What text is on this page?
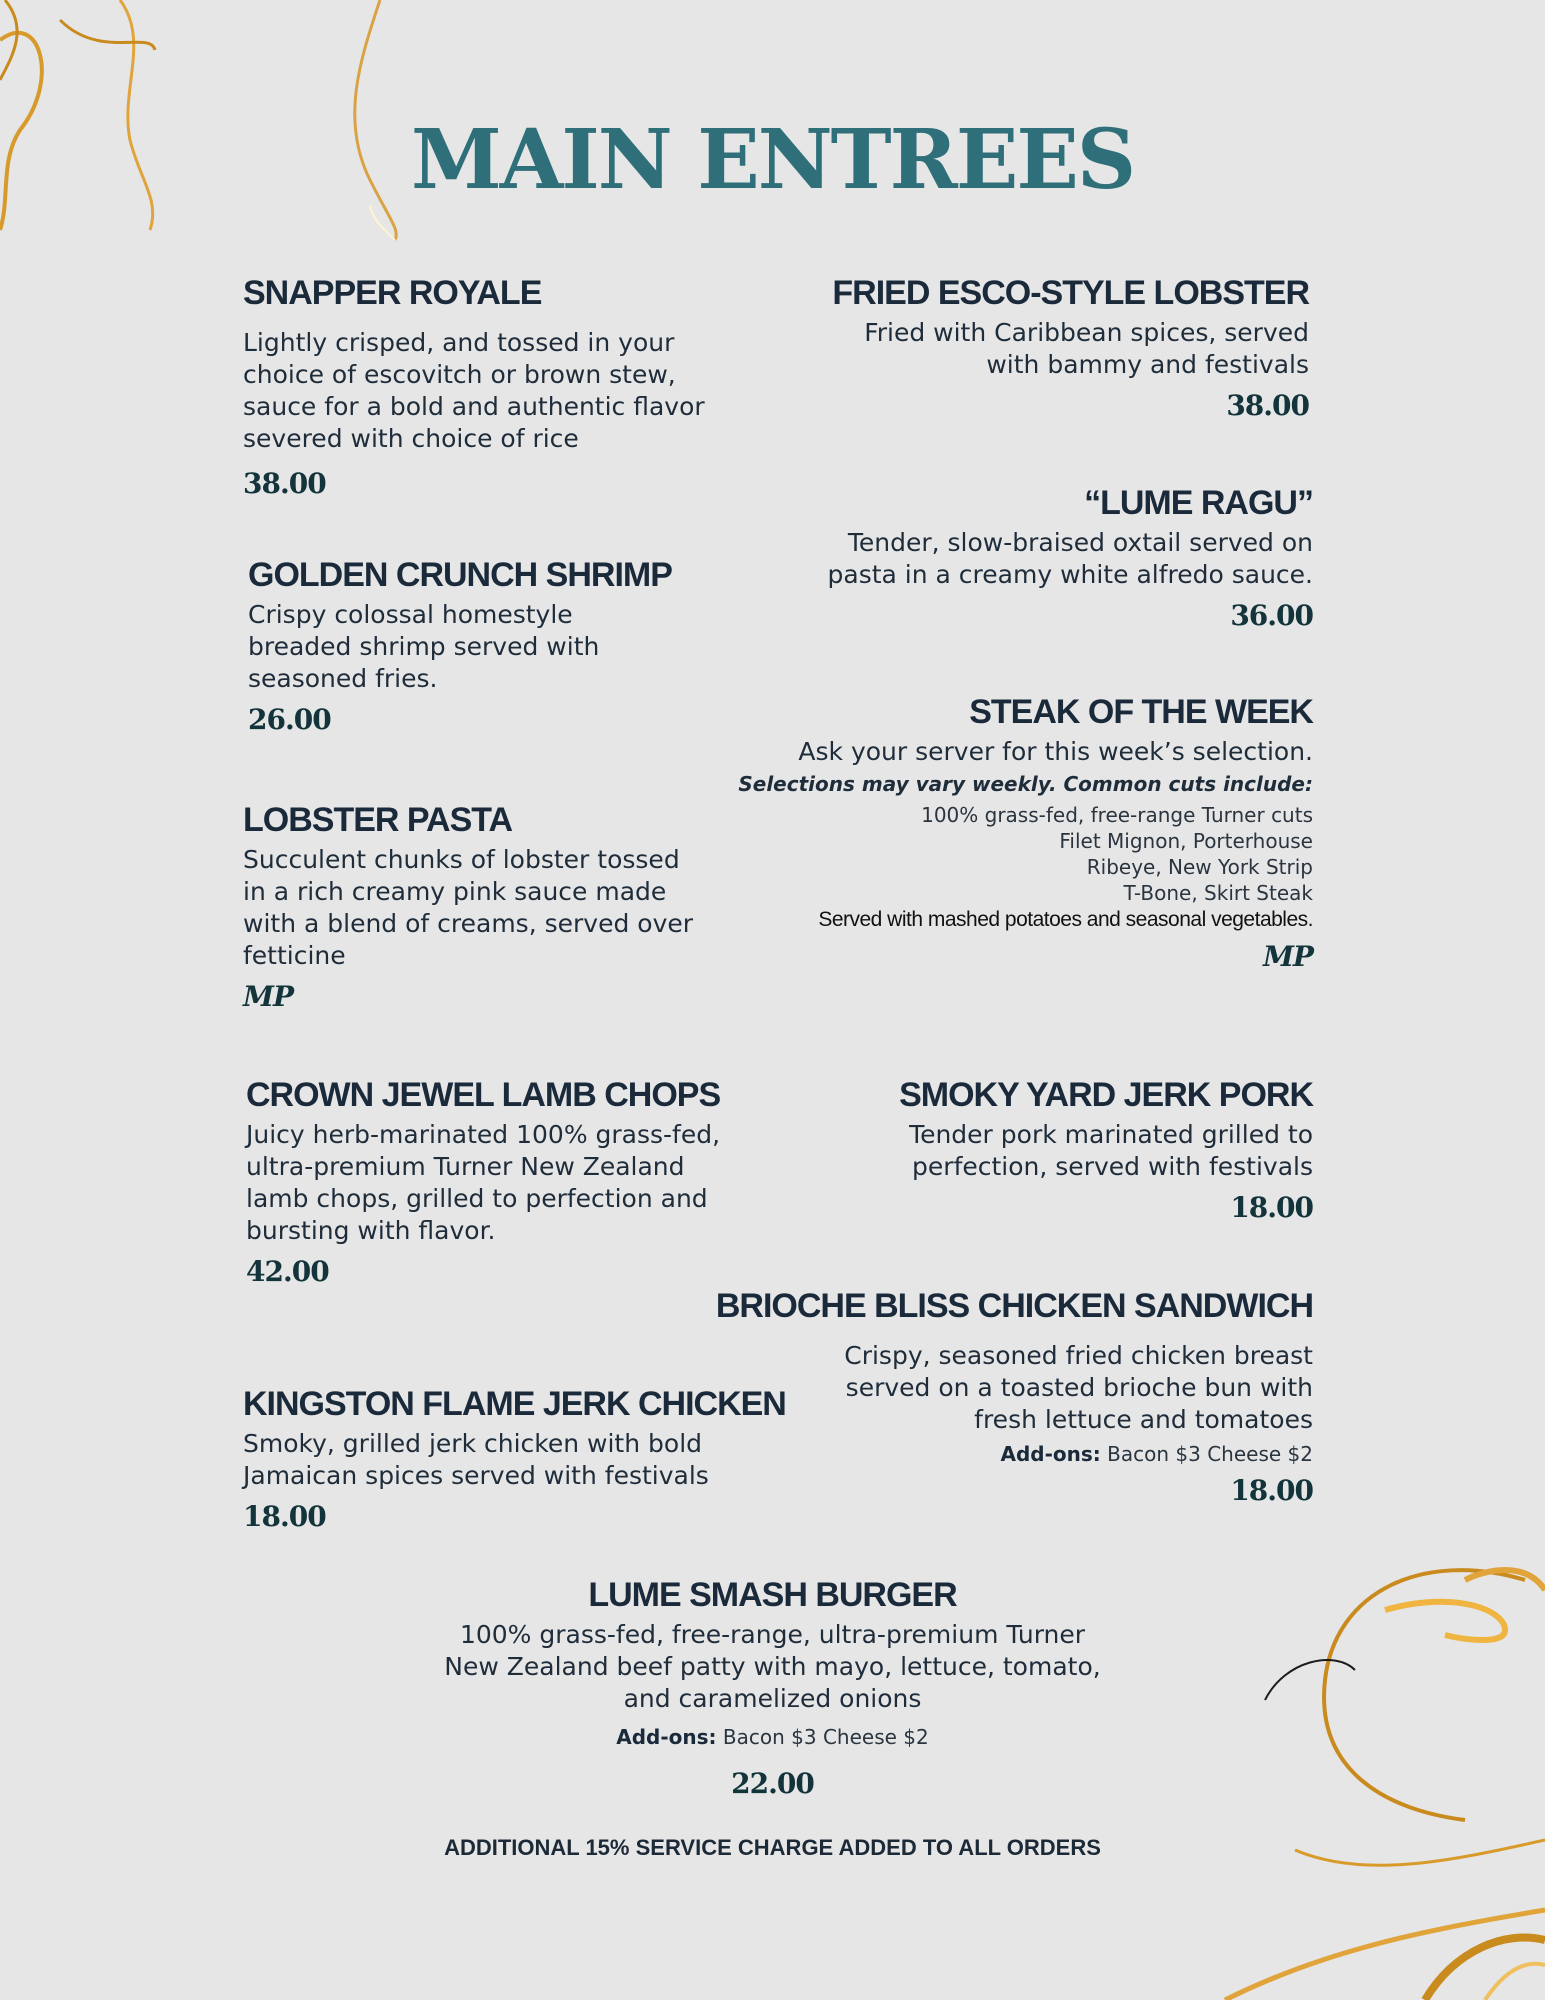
MAIN ENTREES
SNAPPER ROYALE
Lightly crisped, and tossed in your
choice of escovitch or brown stew,
sauce for a bold and authentic flavor
severed with choice of rice
38.00
GOLDEN CRUNCH SHRIMP
Crispy colossal homestyle
breaded shrimp served with
seasoned fries.
26.00
LOBSTER PASTA
Succulent chunks of lobster tossed
in a rich creamy pink sauce made
with a blend of creams, served over
fetticine
MP
CROWN JEWEL LAMB CHOPS
Juicy herb-marinated 100% grass-fed,
ultra-premium Turner New Zealand
lamb chops, grilled to perfection and
bursting with flavor.
42.00
KINGSTON FLAME JERK CHICKEN
Smoky, grilled jerk chicken with bold
Jamaican spices served with festivals
18.00
FRIED ESCO-STYLE LOBSTER
Fried with Caribbean spices, served
with bammy and festivals
38.00
“LUME RAGU”
Tender, slow-braised oxtail served on
pasta in a creamy white alfredo sauce.
36.00
STEAK OF THE WEEK
Ask your server for this week’s selection.
Selections may vary weekly. Common cuts include:
100% grass-fed, free-range Turner cuts
Filet Mignon, Porterhouse
Ribeye, New York Strip
T-Bone, Skirt Steak
Served with mashed potatoes and seasonal vegetables.
MP
SMOKY YARD JERK PORK
Tender pork marinated grilled to
perfection, served with festivals
18.00
BRIOCHE BLISS CHICKEN SANDWICH
Crispy, seasoned fried chicken breast
served on a toasted brioche bun with
fresh lettuce and tomatoes
Add-ons: Bacon $3 Cheese $2
18.00
LUME SMASH BURGER
100% grass-fed, free-range, ultra-premium Turner
New Zealand beef patty with mayo, lettuce, tomato,
and caramelized onions
Add-ons: Bacon $3 Cheese $2
22.00
ADDITIONAL 15% SERVICE CHARGE ADDED TO ALL ORDERS
